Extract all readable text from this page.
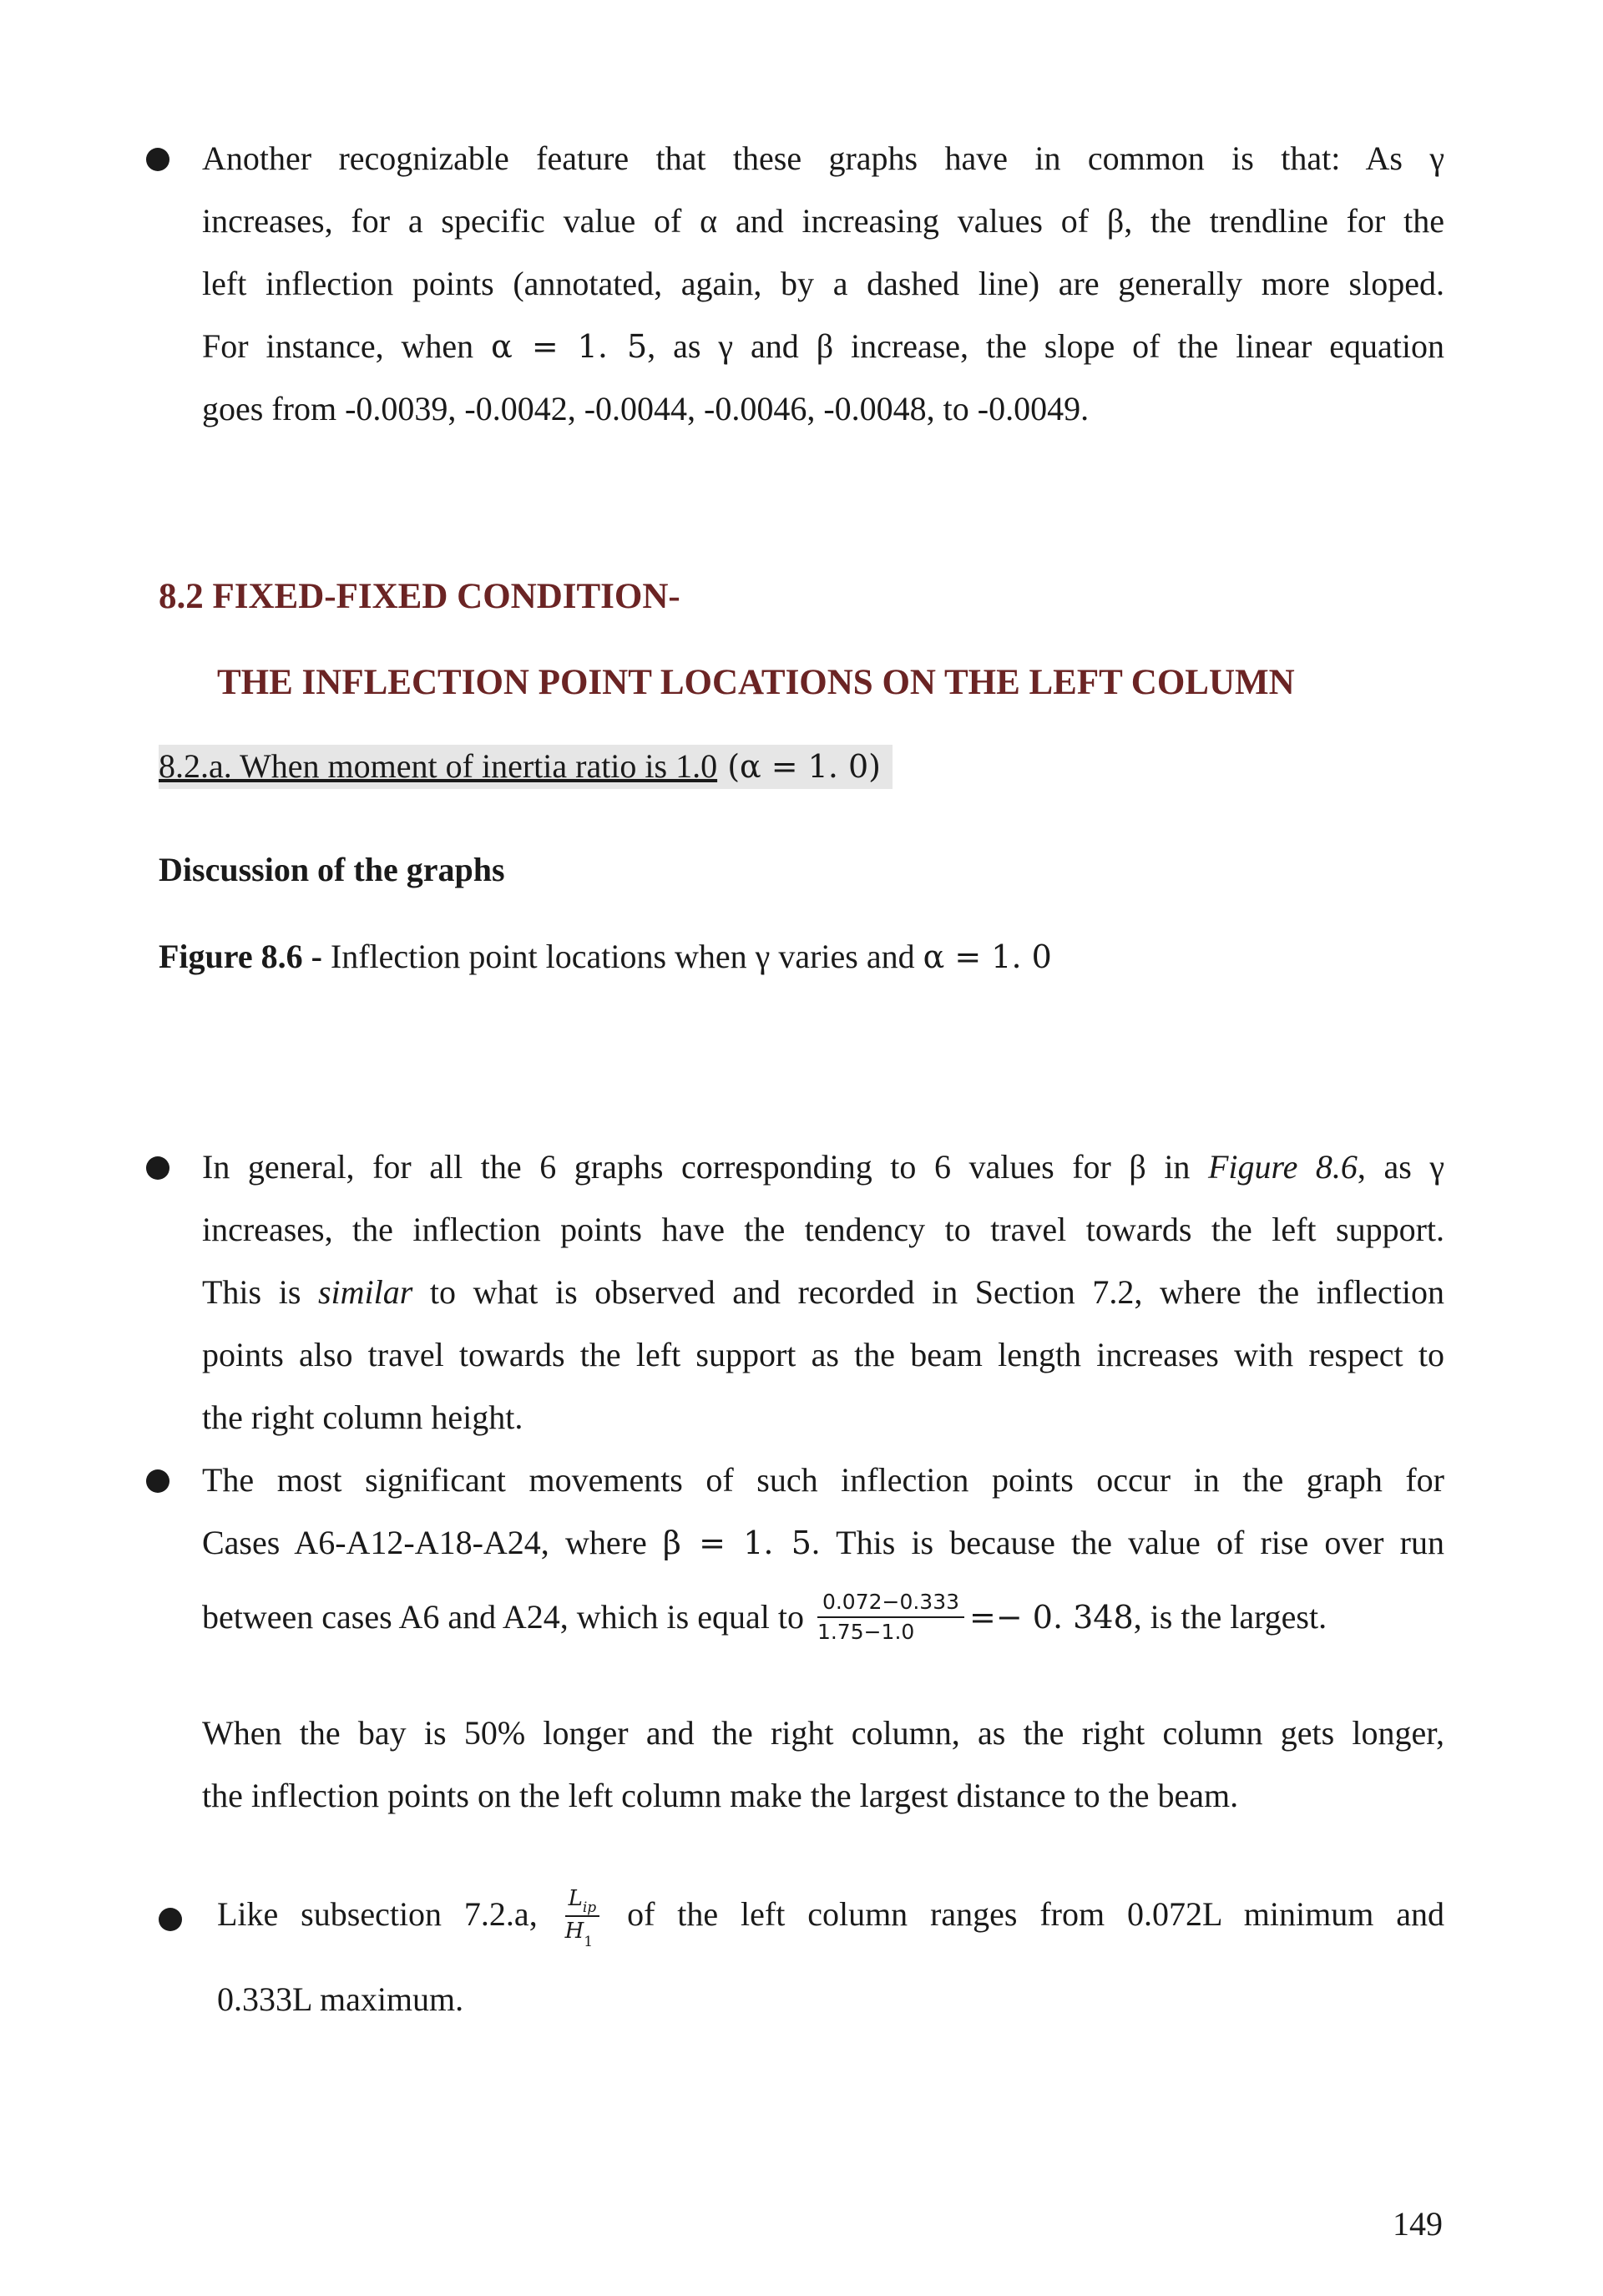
Another recognizable feature that these graphs have in common is that: As γ
increases, for a specific value of α and increasing values of β, the trendline for the
left inflection points (annotated, again, by a dashed line) are generally more sloped.
For instance, when α = 1. 5, as γ and β increase, the slope of the linear equation
goes from -0.0039, -0.0042, -0.0044, -0.0046, -0.0048, to -0.0049.
8.2 FIXED-FIXED CONDITION-
THE INFLECTION POINT LOCATIONS ON THE LEFT COLUMN
8.2.a. When moment of inertia ratio is 1.0 (α = 1. 0)
Discussion of the graphs
Figure 8.6 - Inflection point locations when γ varies and α = 1. 0
In general, for all the 6 graphs corresponding to 6 values for β in Figure 8.6, as γ
increases, the inflection points have the tendency to travel towards the left support.
This is similar to what is observed and recorded in Section 7.2, where the inflection
points also travel towards the left support as the beam length increases with respect to
the right column height.
The most significant movements of such inflection points occur in the graph for
Cases A6-A12-A18-A24, where β = 1. 5. This is because the value of rise over run
between cases A6 and A24, which is equal to $\frac{0.072-0.333}{1.75-1.0} =- 0$. 348, is the largest.
When the bay is 50% longer and the right column, as the right column gets longer,
the inflection points on the left column make the largest distance to the beam.
Like subsection 7.2.a, $\frac{L_{ip}}{H_1}$ of the left column ranges from 0.072L minimum and
0.333L maximum.
149
